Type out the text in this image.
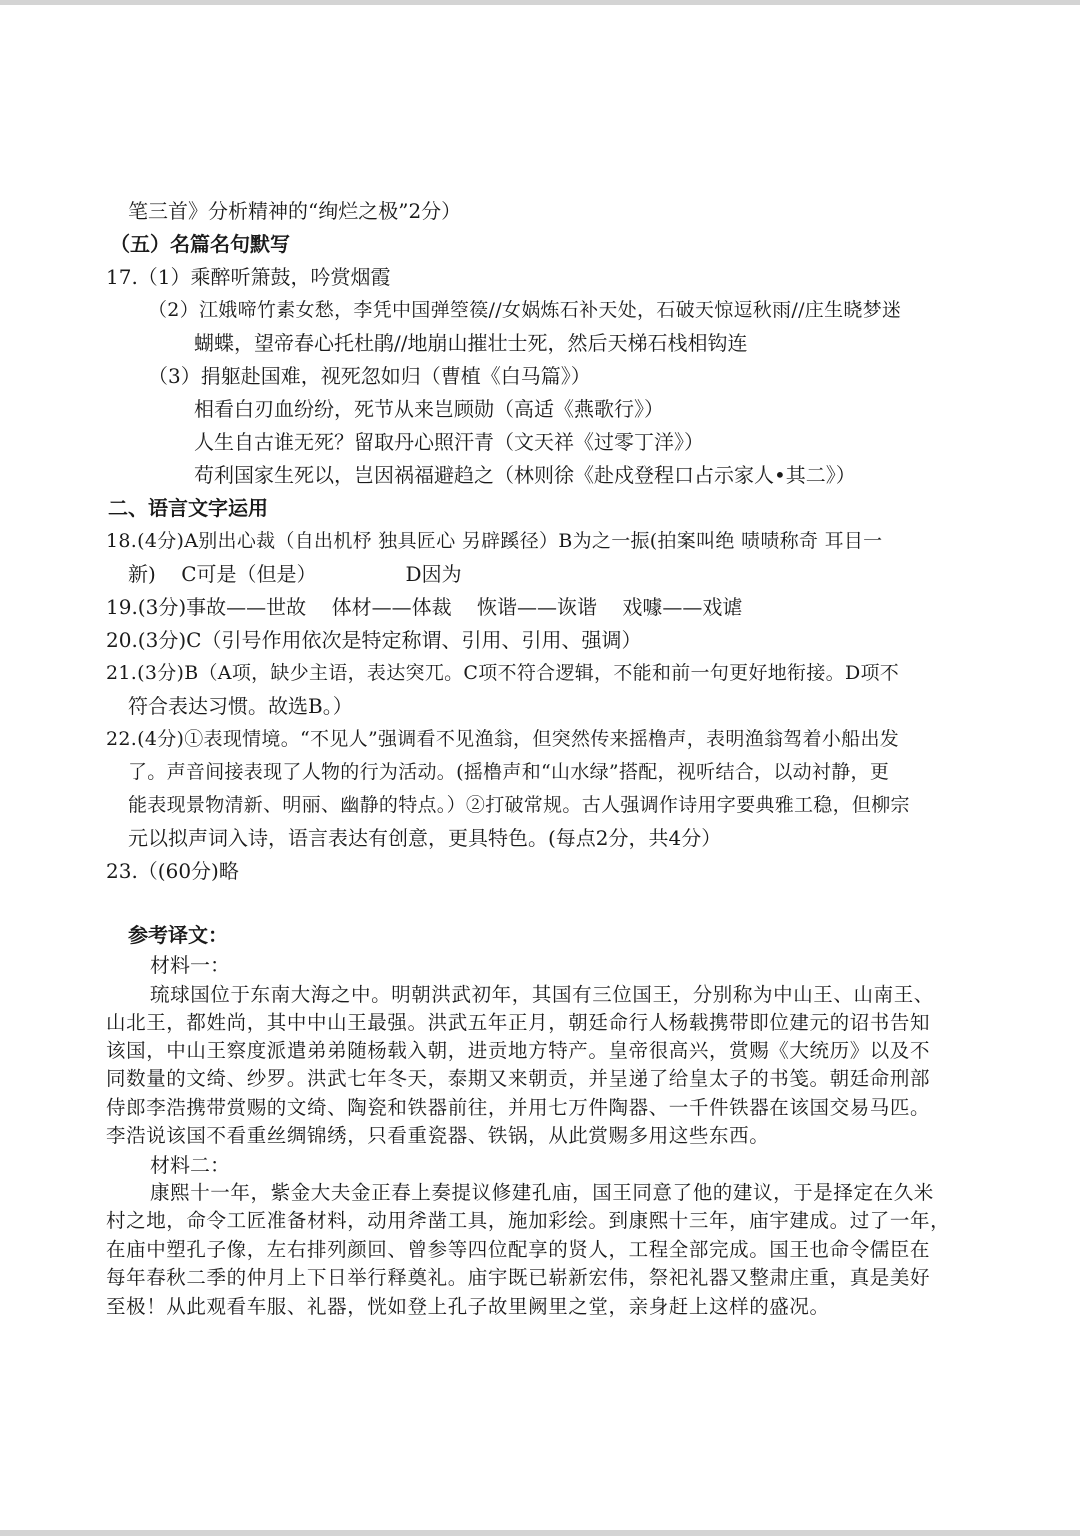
笔三首》分析精神的“绚烂之极”2分）
（五）名篇名句默写
17.（1）乘醉听箫鼓，吟赏烟霞
（2）江娥啼竹素女愁，李凭中国弹箜篌//女娲炼石补天处，石破天惊逗秋雨//庄生晓梦迷
蝴蝶，望帝春心托杜鹃//地崩山摧壮士死，然后天梯石栈相钩连
（3）捐躯赴国难，视死忽如归（曹植《白马篇》）
相看白刃血纷纷，死节从来岂顾勋（高适《燕歌行》）
人生自古谁无死？留取丹心照汗青（文天祥《过零丁洋》）
苟利国家生死以，岂因祸福避趋之（林则徐《赴戍登程口占示家人•其二》）
二、语言文字运用
18.(4分)A别出心裁（自出机杼 独具匠心 另辟蹊径）B为之一振(拍案叫绝 啧啧称奇 耳目一
新)    C可是（但是）              D因为
19.(3分)事故——世故    体材——体裁    恢谐——诙谐    戏噱——戏谑
20.(3分)C（引号作用依次是特定称谓、引用、引用、强调）
21.(3分)B（A项，缺少主语，表达突兀。C项不符合逻辑，不能和前一句更好地衔接。D项不
符合表达习惯。故选B。）
22.(4分)①表现情境。“不见人”强调看不见渔翁，但突然传来摇橹声，表明渔翁驾着小船出发
了。声音间接表现了人物的行为活动。(摇橹声和“山水绿”搭配，视听结合，以动衬静，更
能表现景物清新、明丽、幽静的特点。）②打破常规。古人强调作诗用字要典雅工稳，但柳宗
元以拟声词入诗，语言表达有创意，更具特色。(每点2分，共4分）
23.（(60分)略
参考译文：
材料一：
琉球国位于东南大海之中。明朝洪武初年，其国有三位国王，分别称为中山王、山南王、
山北王，都姓尚，其中中山王最强。洪武五年正月，朝廷命行人杨载携带即位建元的诏书告知
该国，中山王察度派遣弟弟随杨载入朝，进贡地方特产。皇帝很高兴，赏赐《大统历》以及不
同数量的文绮、纱罗。洪武七年冬天，泰期又来朝贡，并呈递了给皇太子的书笺。朝廷命刑部
侍郎李浩携带赏赐的文绮、陶瓷和铁器前往，并用七万件陶器、一千件铁器在该国交易马匹。
李浩说该国不看重丝绸锦绣，只看重瓷器、铁锅，从此赏赐多用这些东西。
材料二：
康熙十一年，紫金大夫金正春上奏提议修建孔庙，国王同意了他的建议，于是择定在久米
村之地，命令工匠准备材料，动用斧凿工具，施加彩绘。到康熙十三年，庙宇建成。过了一年，
在庙中塑孔子像，左右排列颜回、曾参等四位配享的贤人，工程全部完成。国王也命令儒臣在
每年春秋二季的仲月上下日举行释奠礼。庙宇既已崭新宏伟，祭祀礼器又整肃庄重，真是美好
至极！从此观看车服、礼器，恍如登上孔子故里阙里之堂，亲身赶上这样的盛况。
